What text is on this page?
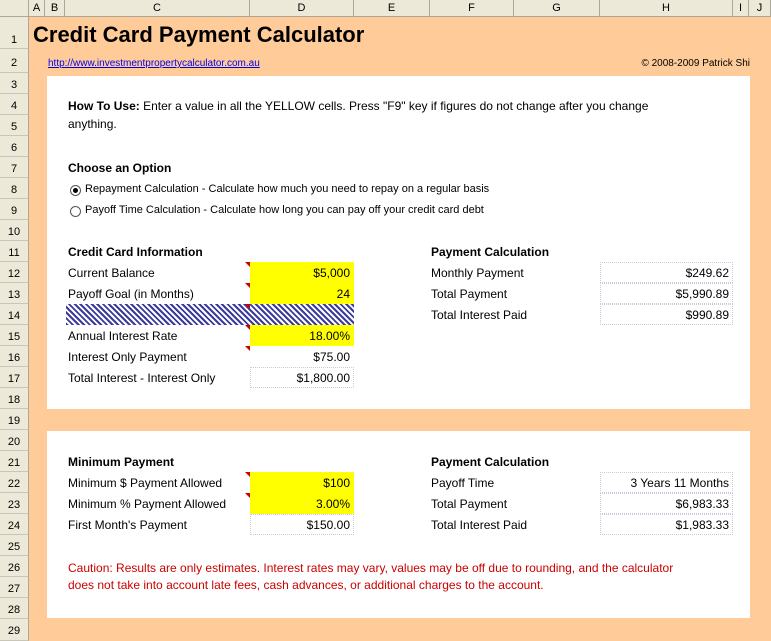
A B	C	D	E	F	G	H	I	J
1
2
3
4
5
6
7
8
9
10
11
12
13
14
15
16
17
18
19
20
21
22
23
24
25
26
27
28
29
Credit Card Payment Calculator
http://www.investmentpropertycalculator.com.au	© 2008-2009 Patrick Shi
How To Use: Enter a value in all the YELLOW cells. Press "F9" key if figures do not change after you change
anything.
Choose an Option
Repayment Calculation - Calculate how much you need to repay on a regular basis
Payoff Time Calculation - Calculate how long you can pay off your credit card debt
Credit Card Information
Current Balance	$5,000
Payoff Goal (in Months)	24
Annual Interest Rate	18.00%
Interest Only Payment	$75.00
Total Interest - Interest Only	$1,800.00
Payment Calculation
Monthly Payment	$249.62
Total Payment	$5,990.89
Total Interest Paid	$990.89
Minimum Payment
Minimum $ Payment Allowed	$100
Minimum % Payment Allowed	3.00%
First Month's Payment	$150.00
Payment Calculation
Payoff Time	3 Years 11 Months
Total Payment	$6,983.33
Total Interest Paid	$1,983.33
Caution: Results are only estimates. Interest rates may vary, values may be off due to rounding, and the calculator
does not take into account late fees, cash advances, or additional charges to the account.
